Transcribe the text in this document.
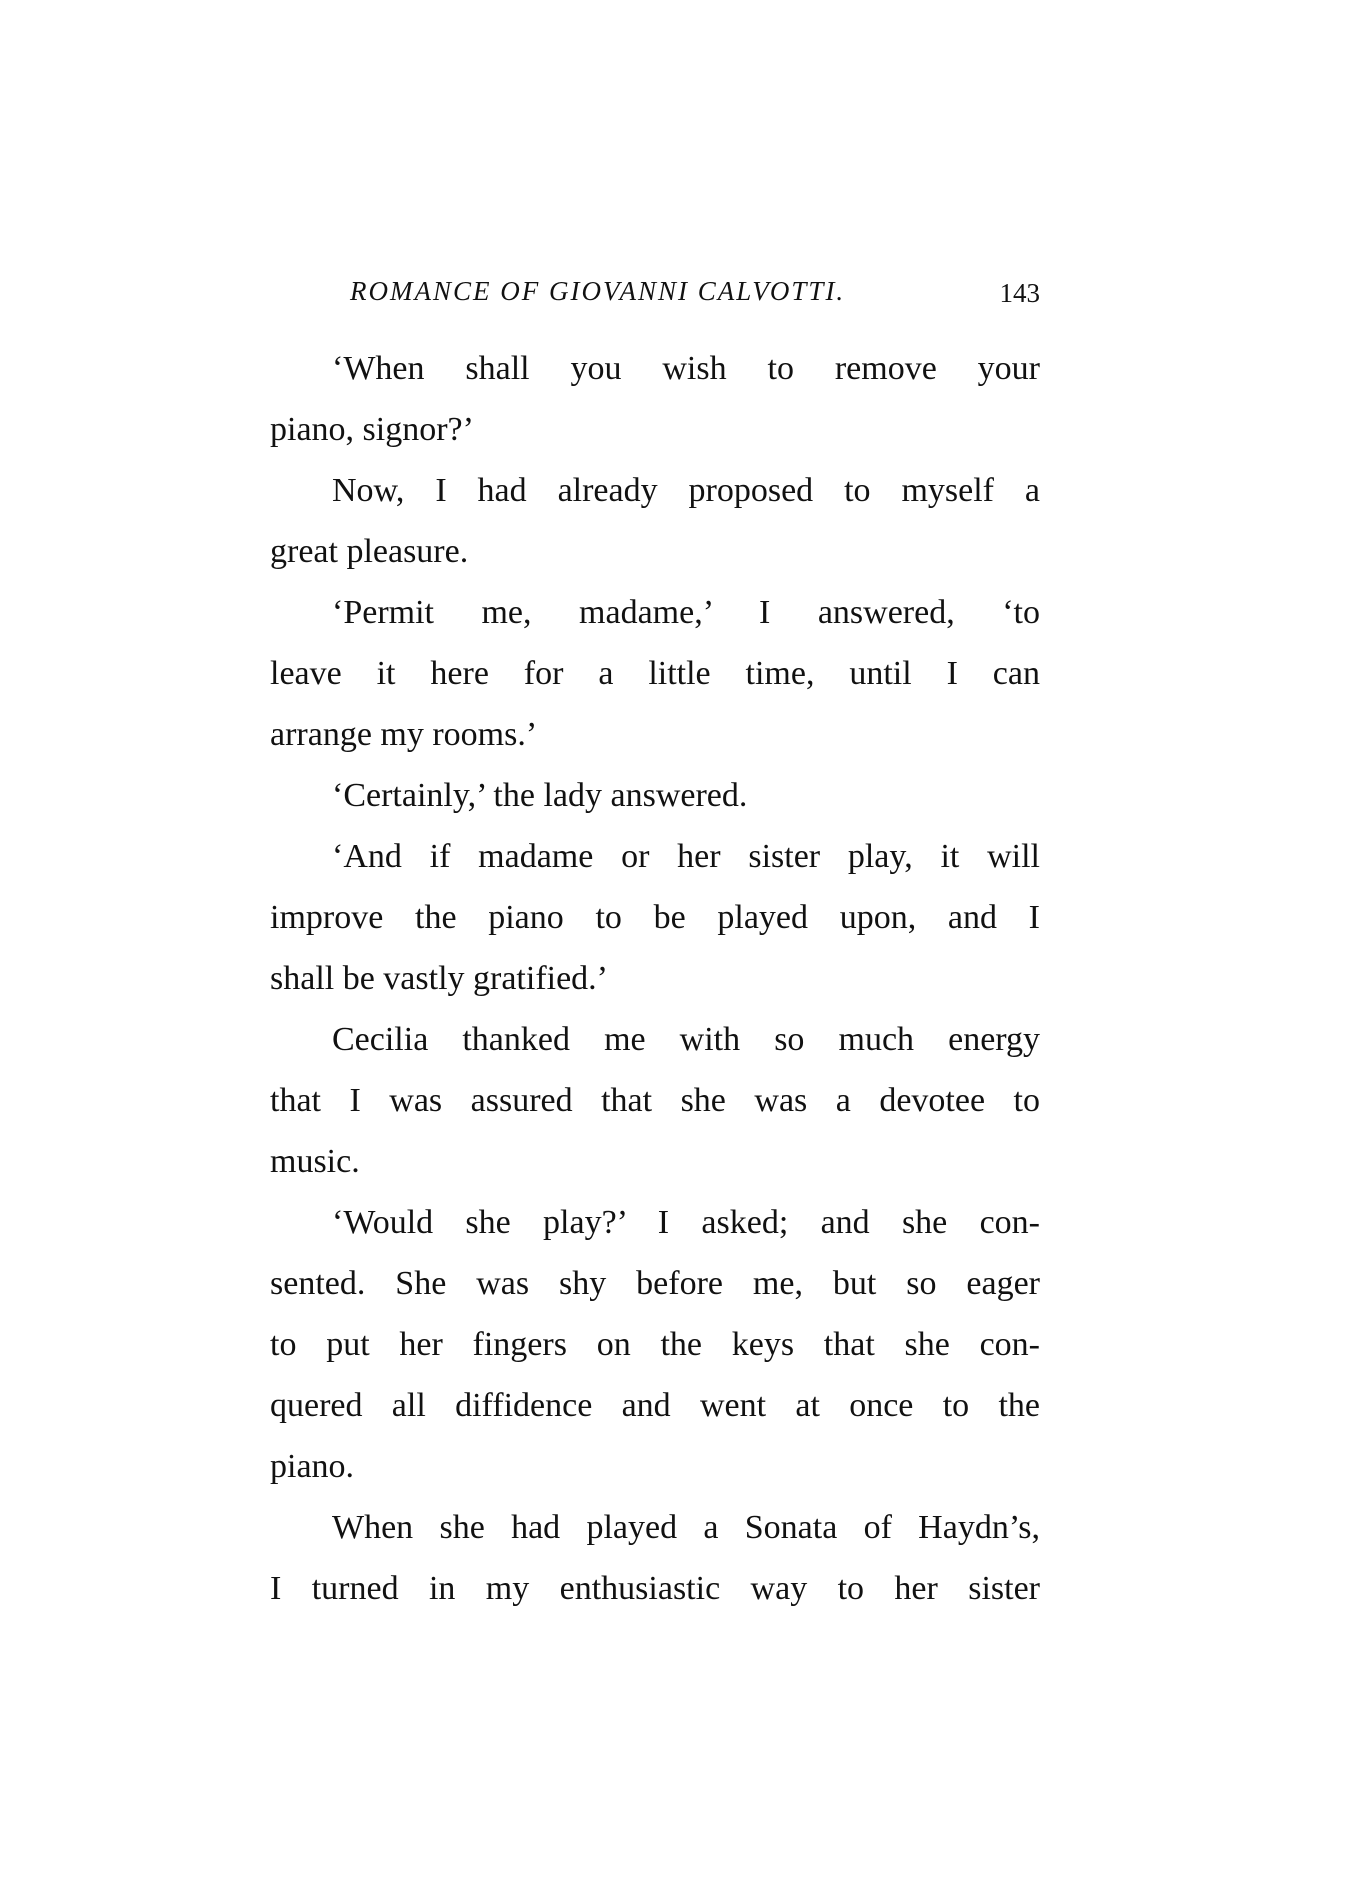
ROMANCE OF GIOVANNI CALVOTTI.	143
‘When shall you wish to remove your
piano, signor?’
Now, I had already proposed to myself a
great pleasure.
‘Permit me, madame,’ I answered, ‘to
leave it here for a little time, until I can
arrange my rooms.’
‘Certainly,’ the lady answered.
‘And if madame or her sister play, it will
improve the piano to be played upon, and I
shall be vastly gratified.’
Cecilia thanked me with so much energy
that I was assured that she was a devotee to
music.
‘Would she play?’ I asked; and she con-
sented. She was shy before me, but so eager
to put her fingers on the keys that she con-
quered all diffidence and went at once to the
piano.
When she had played a Sonata of Haydn’s,
I turned in my enthusiastic way to her sister
